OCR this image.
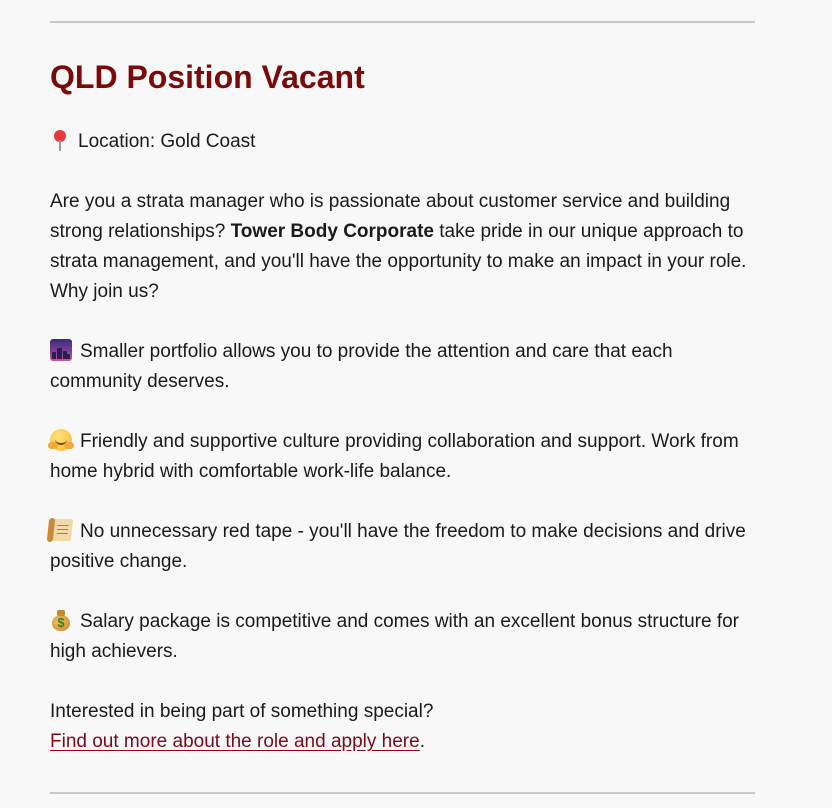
QLD Position Vacant

Location: Gold Coast

Are you a strata manager who is passionate about customer service and building strong relationships? Tower Body Corporate take pride in our unique approach to strata management, and you'll have the opportunity to make an impact in your role. Why join us?

Smaller portfolio allows you to provide the attention and care that each community deserves.

Friendly and supportive culture providing collaboration and support. Work from home hybrid with comfortable work-life balance.

No unnecessary red tape - you'll have the freedom to make decisions and drive positive change.

$Salary package is competitive and comes with an excellent bonus structure for high achievers.

Interested in being part of something special?
Find out more about the role and apply here.
